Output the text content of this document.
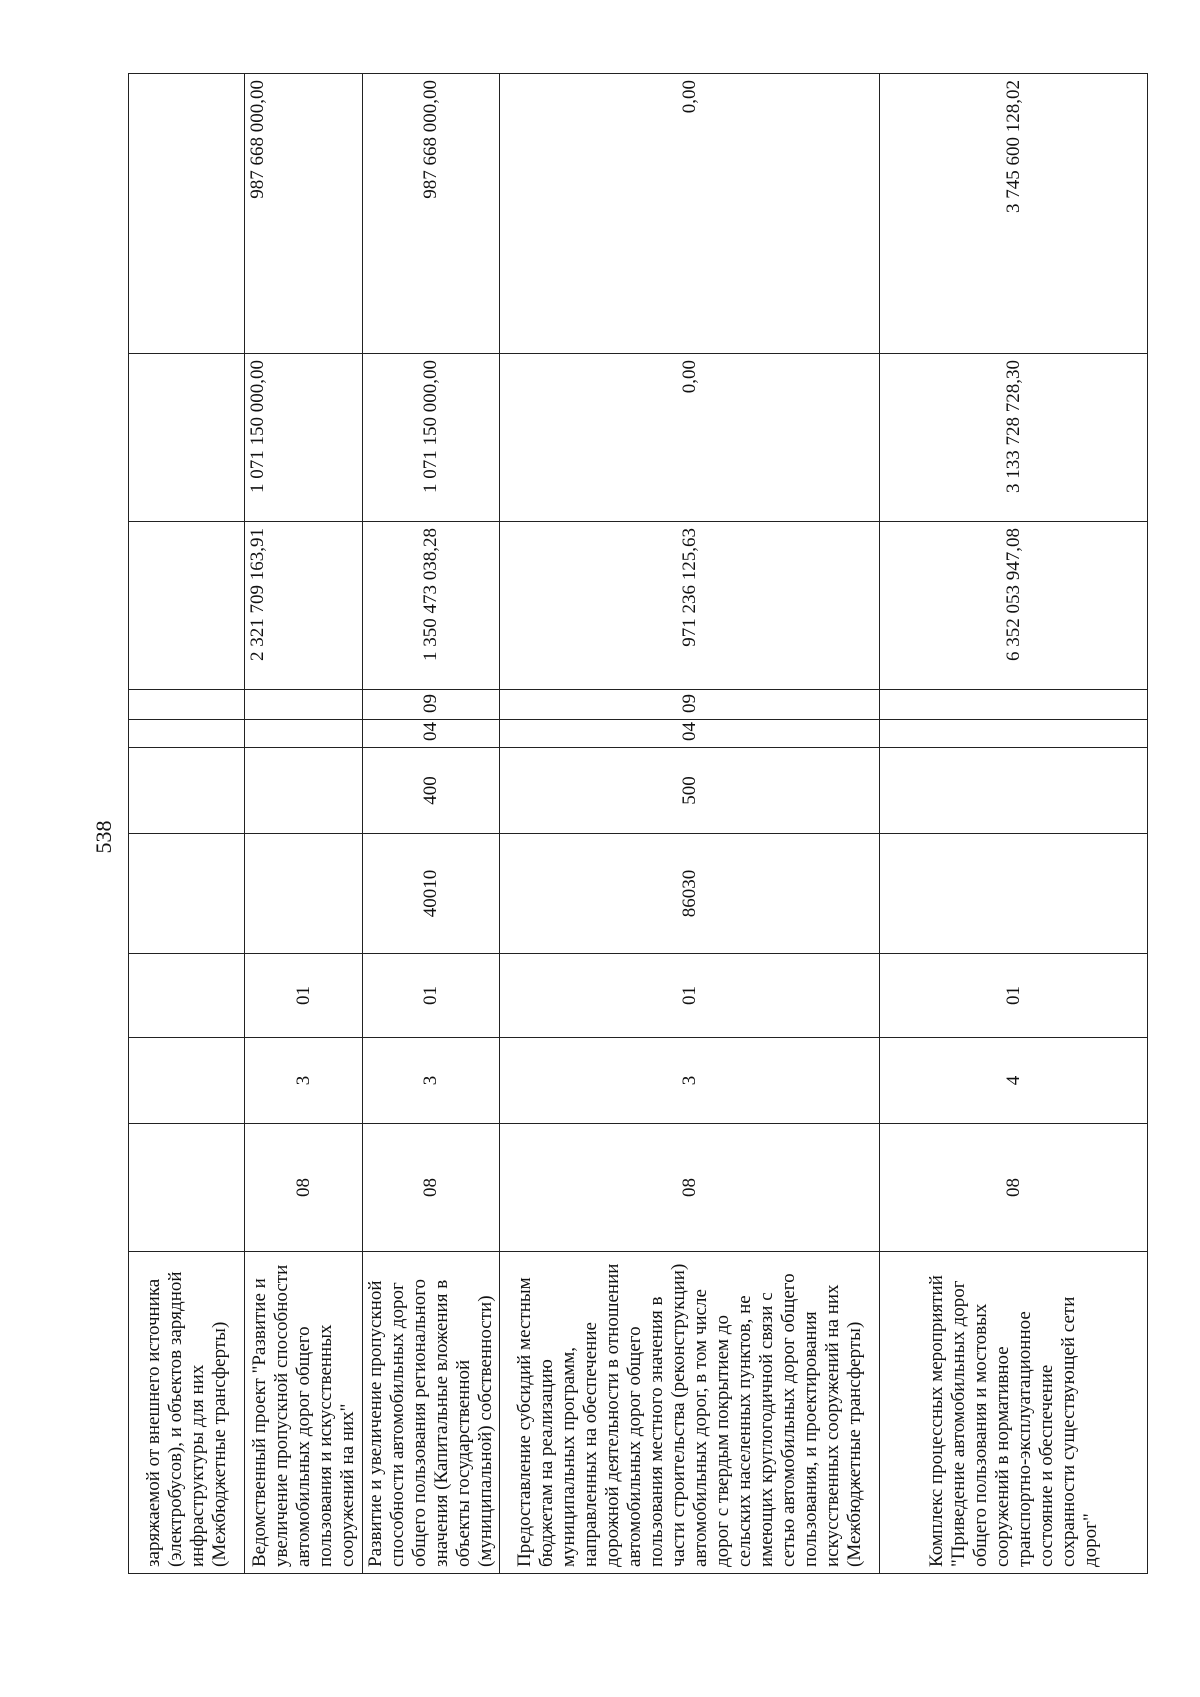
538
заряжаемой от внешнего источника (электробусов), и объектов зарядной инфраструктуры для них (Межбюджетные трансферты)										
Ведомственный проект "Развитие и увеличение пропускной способности автомобильных дорог общего пользования и искусственных сооружений на них"	08	3	01					2 321 709 163,91	1 071 150 000,00	987 668 000,00
Развитие и увеличение пропускной способности автомобильных дорог общего пользования регионального значения (Капитальные вложения в объекты государственной (муниципальной) собственности)	08	3	01	40010	400	04	09	1 350 473 038,28	1 071 150 000,00	987 668 000,00
Предоставление субсидий местным бюджетам на реализацию муниципальных программ, направленных на обеспечение дорожной деятельности в отношении автомобильных дорог общего пользования местного значения в части строительства (реконструкции) автомобильных дорог, в том числе дорог с твердым покрытием до сельских населенных пунктов, не имеющих круглогодичной связи с сетью автомобильных дорог общего пользования, и проектирования искусственных сооружений на них (Межбюджетные трансферты)	08	3	01	86030	500	04	09	971 236 125,63	0,00	0,00
Комплекс процессных мероприятий "Приведение автомобильных дорог общего пользования и мостовых сооружений в нормативное транспортно-эксплуатационное состояние и обеспечение сохранности существующей сети дорог"	08	4	01					6 352 053 947,08	3 133 728 728,30	3 745 600 128,02
